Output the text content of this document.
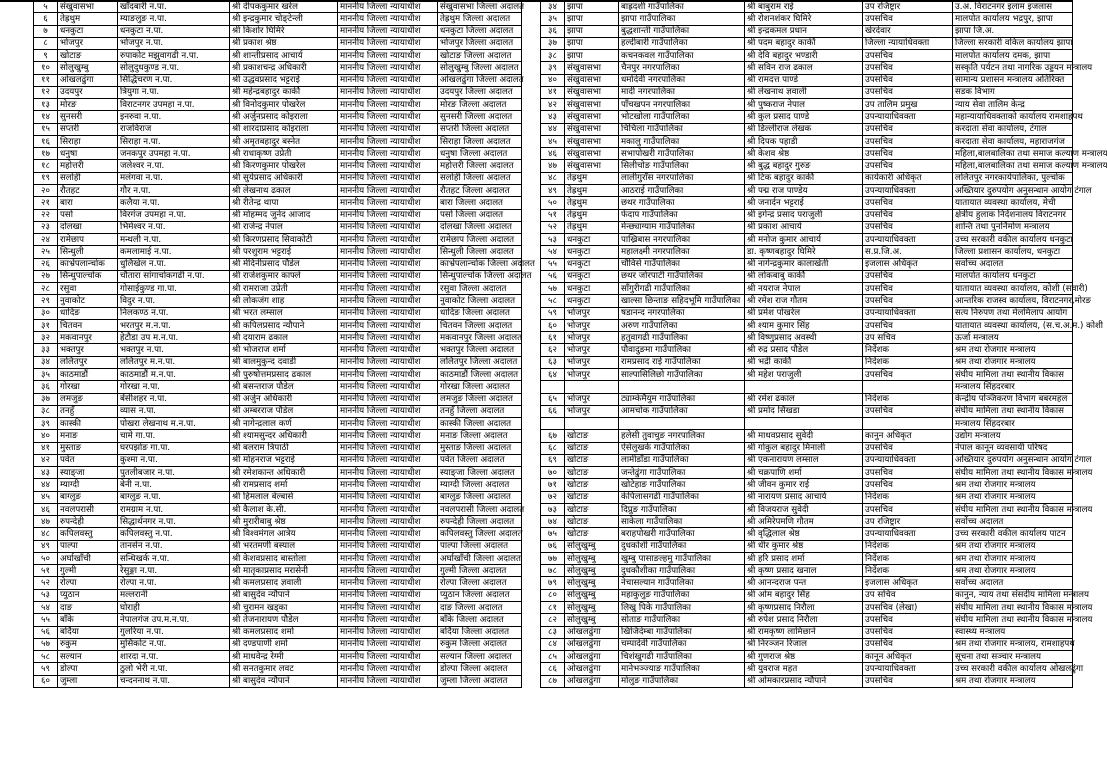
५	संखुवासभा	खाँदबारी न.पा.	श्री दीपककुमार खरेल	माननीय जिल्ला न्यायाधीश	संखुवासभा जिल्ला अदालत
६	तेह्रथुम	म्याङलुङ न.पा.	श्री इन्द्रकुमार चोङ्टेन्ली	माननीय जिल्ला न्यायाधीश	तेह्रथुम जिल्ला अदालत
७	धनकुटा	धनकुटा न.पा.	श्री किशोर घिमिरे	माननीय जिल्ला न्यायाधीश	धनकुटा जिल्ला अदालत
८	भोजपुर	भोजपुर न.पा.	श्री प्रकाश श्रेष्ठ	माननीय जिल्ला न्यायाधीश	भोजपुर जिल्ला अदालत
९	खोटाङ	रुपाकोट मझुवागढी न.पा.	श्री शान्तीप्रसाद आचार्य	माननीय जिल्ला न्यायाधीश	खोटाङ जिल्ला अदालत
१०	सोलुखुम्बु	सोलुदुधकुण्ड न.पा.	श्री प्रकाशचन्द्र अधिकारी	माननीय जिल्ला न्यायाधीश	सोलुखुम्बु जिल्ला अदालत
११	ओखलढुंगा	सिद्धिचरण न.पा.	श्री उद्धवप्रसाद भट्टराई	माननीय जिल्ला न्यायाधीश	ओखलढुंगा जिल्ला अदालत
१२	उदयपुर	त्रियुगा न.पा.	श्री महेन्द्रबहादुर कार्की	माननीय जिल्ला न्यायाधीश	उदयपुर जिल्ला अदालत
१३	मोरङ	विराटनगर उपमहा न.पा.	श्री विनोदकुमार पोखरेल	माननीय जिल्ला न्यायाधीश	मोरङ जिल्ला अदालत
१४	सुनसरी	इनरुवा न.पा.	श्री अर्जुनप्रसाद कोइराला	माननीय जिल्ला न्यायाधीश	सुनसरी जिल्ला अदालत
१५	सप्तरी	राजविराज	श्री शारदाप्रसाद कोइराला	माननीय जिल्ला न्यायाधीश	सप्तरी जिल्ला अदालत
१६	सिराहा	सिराहा न.पा.	श्री अमृतबहादुर बस्नेत	माननीय जिल्ला न्यायाधीश	सिराहा जिल्ला अदालत
१७	धनुषा	जनकपुर उपमहा न.पा.	श्री राधाकृष्ण उप्रेती	माननीय जिल्ला न्यायाधीश	धनुषा जिल्ला अदालत
१८	महोत्तरी	जलेश्वर न.पा.	श्री किरणकुमार पोखरेल	माननीय जिल्ला न्यायाधीश	महोत्तरी जिल्ला अदालत
१९	सर्लाही	मलंगवा न.पा.	श्री सुर्यप्रसाद अधिकारी	माननीय जिल्ला न्यायाधीश	सर्लाही जिल्ला अदालत
२०	रौतहट	गौर न.पा.	श्री लेखनाथ ढकाल	माननीय जिल्ला न्यायाधीश	रौतहट जिल्ला अदालत
२१	बारा	कलैया न.पा.	श्री रीतेन्द्र थापा	माननीय जिल्ला न्यायाधीश	बारा जिल्ला अदालत
२२	पर्सा	विरगंज उपमहा न.पा.	श्री मोहम्मद जुनेद आजाद	माननीय जिल्ला न्यायाधीश	पर्सा जिल्ला अदालत
२३	दोलखा	भिमेश्वर न.पा.	श्री राजेन्द्र नेपाल	माननीय जिल्ला न्यायाधीश	दोलखा जिल्ला अदालत
२४	रामेछाप	मन्थली न.पा.	श्री किरणप्रसाद सिवाकोटी	माननीय जिल्ला न्यायाधीश	रामेछाप जिल्ला अदालत
२५	सिन्धुली	कमलामाई न.पा.	श्री परशुराम भट्टराई	माननीय जिल्ला न्यायाधीश	सिन्धुली जिल्ला अदालत
२६	काभ्रेपलान्चोक	धुलिखेल न.पा.	श्री मेदिनीप्रसाद पौडेल	माननीय जिल्ला न्यायाधीश	काभ्रेपलान्चोक जिल्ला अदालत
२७	सिन्धुपाल्चोक	चौतारा सांगाचोकगढी न.पा.	श्री राजेशकुमार काफ्ले	माननीय जिल्ला न्यायाधीश	सिन्धुपाल्चोक जिल्ला अदालत
२८	रसुवा	गोसाईकुण्ड गा.पा.	श्री रामराजा उप्रेती	माननीय जिल्ला न्यायाधीश	रसुवा जिल्ला अदालत
२९	नुवाकोट	विदुर न.पा.	श्री लोकजंग शाह	माननीय जिल्ला न्यायाधीश	नुवाकोट जिल्ला अदालत
३०	धादिङ	निलकण्ठ न.पा.	श्री भरत लम्साल	माननीय जिल्ला न्यायाधीश	धादिङ जिल्ला अदालत
३१	चितवन	भरतपुर म.न.पा.	श्री कपिलप्रसाद न्यौपाने	माननीय जिल्ला न्यायाधीश	चितवन जिल्ला अदालत
३२	मकवानपुर	हेटौडा उप म.न.पा.	श्री दयाराम ढकाल	माननीय जिल्ला न्यायाधीश	मकवानपुर जिल्ला अदालत
३३	भक्तपुर	भक्तपुर न.पा.	श्री भोजराज शर्मा	माननीय जिल्ला न्यायाधीश	भक्तपुर जिल्ला अदालत
३४	ललितपुर	ललितपुर म.न.पा.	श्री बालमुकुन्द दवाडी	माननीय जिल्ला न्यायाधीश	ललितपुर जिल्ला अदालत
३५	काठमाडौं	काठमाडौं म.न.पा.	श्री पुरुषोत्तमप्रसाद ढकाल	माननीय जिल्ला न्यायाधीश	काठमाडौं जिल्ला अदालत
३६	गोरखा	गोरखा न.पा.	श्री बसन्तराज पौडेल	माननीय जिल्ला न्यायाधीश	गोरखा जिल्ला अदालत
३७	लमजुङ	बेंसीशहर न.पा.	श्री अर्जुन अधिकारी	माननीय जिल्ला न्यायाधीश	लमजुङ जिल्ला अदालत
३८	तनहुँ	व्यास न.पा.	श्री अम्बरराज पौडेल	माननीय जिल्ला न्यायाधीश	तनहुँ जिल्ला अदालत
३९	कास्की	पोखरा लेखनाथ म.न.पा.	श्री नागेन्द्रलाल कर्ण	माननीय जिल्ला न्यायाधीश	कास्की जिल्ला अदालत
४०	मनाङ	चामे गा.पा.	श्री श्यामसुन्दर अधिकारी	माननीय जिल्ला न्यायाधीश	मनाङ जिल्ला अदालत
४१	मुस्ताङ	घरपझोङ गा.पा.	श्री बलराम त्रिपाठी	माननीय जिल्ला न्यायाधीश	मुस्ताङ जिल्ला अदालत
४२	पर्वत	कुश्मा न.पा.	श्री मोहनराज भट्टराई	माननीय जिल्ला न्यायाधीश	पर्वत जिल्ला अदालत
४३	स्याङ्जा	पुतलीबजार न.पा.	श्री रमेशकान्त अधिकारी	माननीय जिल्ला न्यायाधीश	स्याङ्जा जिल्ला अदालत
४४	म्याग्दी	बेनी न.पा.	श्री रामप्रसाद शर्मा	माननीय जिल्ला न्यायाधीश	म्याग्दी जिल्ला अदालत
४५	बाग्लुङ	बाग्लुङ न.पा.	श्री हिमलाल बेल्बासे	माननीय जिल्ला न्यायाधीश	बाग्लुङ जिल्ला अदालत
४६	नवलपरासी	रामग्राम न.पा.	श्री कैलाश के.सी.	माननीय जिल्ला न्यायाधीश	नवलपरासी जिल्ला अदालत
४७	रुपन्देही	सिद्धार्थनगर न.पा.	श्री मुरारीबाबु श्रेष्ठ	माननीय जिल्ला न्यायाधीश	रुपन्देही जिल्ला अदालत
४८	कपिलवस्तु	कपिलवस्तु न.पा.	श्री विश्वमंगल आत्रेय	माननीय जिल्ला न्यायाधीश	कपिलवस्तु जिल्ला अदालत
४९	पाल्पा	तानसेन न.पा.	श्री भरतमणी बस्याल	माननीय जिल्ला न्यायाधीश	पाल्पा जिल्ला अदालत
५०	अर्घाखाँची	सन्धिखर्क न.पा.	श्री केशवप्रसाद बास्तोला	माननीय जिल्ला न्यायाधीश	अर्घाखाँची जिल्ला अदालत
५१	गुल्मी	रेसुङ्गा न.पा.	श्री मातृकाप्रसाद मरासेनी	माननीय जिल्ला न्यायाधीश	गुल्मी जिल्ला अदालत
५२	रोल्पा	रोल्पा न.पा.	श्री कमलप्रसाद ज्ञवाली	माननीय जिल्ला न्यायाधीश	रोल्पा जिल्ला अदालत
५३	प्युठान	मल्लरानी	श्री बासुदेव न्यौपाने	माननीय जिल्ला न्यायाधीश	प्युठान जिल्ला अदालत
५४	दाङ	घोराही	श्री चुरामन खड्का	माननीय जिल्ला न्यायाधीश	दाङ जिल्ला अदालत
५५	बाँके	नेपालगंज उप.म.न.पा.	श्री तेजनारायण पौडेल	माननीय जिल्ला न्यायाधीश	बाँके जिल्ला अदालत
५६	बर्दिया	गुलरिया न.पा.	श्री कमलप्रसाद शर्मा	माननीय जिल्ला न्यायाधीश	बर्दिया जिल्ला अदालत
५७	रुकुम	मुसिकोट न.पा.	श्री दण्डपाणी शर्मा	माननीय जिल्ला न्यायाधीश	रुकुम जिल्ला अदालत
५८	सल्यान	शारदा न.पा.	श्री माधवेन्द्र रेग्मी	माननीय जिल्ला न्यायाधीश	सल्यान जिल्ला अदालत
५९	डोल्पा	ठुलो भेरी न.पा.	श्री सनतकुमार लवट	माननीय जिल्ला न्यायाधीश	डोल्पा जिल्ला अदालत
६०	जुम्ला	चन्दननाथ न.पा.	श्री बासुदेव न्यौपाने	माननीय जिल्ला न्यायाधीश	जुम्ला जिल्ला अदालत
३४	झापा	बाह्रदशी गाउँपालिका	श्री बाबुराम राई	उप रजिष्ट्रार	उ.अ. विराटनगर इलाम इजलास
३५	झापा	झापा गाउँपालिका	श्री रोशनशंकर घिमिरे	उपसचिव	मालपोत कार्यालय भद्रपुर, झापा
३६	झापा	बुद्धशान्ती गाउँपालिका	श्री इन्द्रकमल प्रधान	खेरदेवार	झापा जि.अ.
३७	झापा	हल्दीबारी गाउँपालिका	श्री पदम बहादुर कार्की	जिल्ला न्यायाधिवक्ता	जिल्ला सरकारी वकिल कार्यालय झापा
३८	झापा	कचनकवल गाउँपालिका	श्री देवि बहादुर भण्डारी	उपसचिव	मालपोत कार्यालय दमक, झापा
३९	संखुवासभा	चैनपुर नगरपालिका	श्री सविन राज ढकाल	उपसचिव	सस्कृति पर्यटन तथा नागरिक उड्डयन मन्त्रालय
४०	संखुवासभा	धर्मादेवी नगरपालिका	श्री रामदत्त पाण्डे	उपसचिव	सामान्य प्रशासन मन्त्रालय अतिरिक्त
४१	संखुवासभा	मादी नगरपालिका	श्री लेखनाथ ज्ञवाली	उपसचिव	सडक विभाग
४२	संखुवासभा	पाँचखपन नगरपालिका	श्री पुष्कराज नेपाल	उप तालिम प्रमुख	न्याय सेवा तालिम केन्द्र
४३	संखुवासभा	भोटखोला गाउँपालिका	श्री कुल प्रसाद पाण्डे	उपन्यायाधिवक्ता	महान्यायाधिवक्ताको कार्यालय रामशाहपथ
४४	संखुवासभा	चिचिला गाउँपालिका	श्री डिल्लीराज लेखक	उपसचिव	करदाता सेवा कार्यालय, टंगाल
४५	संखुवासभा	मकालु गाउँपालिका	श्री दिपक पहाडी	उपसचिव	करदाता सेवा कार्यालय, महाराजगंज
४६	संखुवासभा	सभापोखरी गाउँपालिका	श्री केशव श्रेष्ठ	उपसचिव	महिला,बालबालिका तथा समाज कल्याण मन्त्रालय
४७	संखुवासभा	सिलीचोङ गाउँपालिका	श्री बुद्ध बहादुर गुरुङ	उपसचिव	महिला,बालबालिका तथा समाज कल्याण मन्त्रालय
४८	तेह्रथुम	लालीगुराँस नगरपालिका	श्री टिक बहादुर कार्की	कार्यकारी अधिकृत	ललितपुर नगरकार्यपालिका, पुल्चोक
४९	तेह्रथुम	आठराई गाउँपालिका	श्री पद्म राज पाण्डेय	उपन्यायाधिवक्ता	अख्तियार दुरुपयोग अनुसन्धान आयोग टंगाल
५०	तेह्रथुम	छथर गाउँपालिका	श्री जनार्दन भट्टराई	उपसचिव	यातायात व्यवस्था कार्यालय, मेची
५१	तेह्रथुम	फेदाप गाउँपालिका	श्री इगेन्द्र प्रसाद पराजुली	उपसचिव	क्षेत्रीय हुलाक निर्देशनालय विराटनगर
५२	तेह्रथुम	मेन्छ्याग्याम गाउँपालिका	श्री प्रकाश आचार्य	उपसचिव	शान्ति तथा पुनर्निर्माण मन्त्रालय
५३	धनकुटा	पाख्रिबास नगरपालिका	श्री मनोज कुमार आचार्य	उपन्यायाधिवक्ता	उच्च सरकारी वकील कार्यालय धनकुटा
५४	धनकुटा	महालक्ष्मी नगरपालिका	डा. कृष्णबहादुर घिमिरे	स.प्र.जि.अ.	जिल्ला प्रशासन कार्यालय, धनकुटा
५५	धनकुटा	चौविसे गाउँपालिका	श्री नागेन्द्रकुमार कालाखेती	इजलास अधिकृत	सर्वोच्च अदालत
५६	धनकुटा	छथर जोरपाटी गाउँपालिका	श्री लोकबाबु कार्की	उपसचिव	मालपोत कार्यालय धनकुटा
५७	धनकुटा	साँगुरीगढी गाउँपालिका	श्री नयराज नेपाल	उपसचिव	यातायात व्यवस्था कार्यालय, कोशी (सवारी)
५८	धनकुटा	खाल्सा छिन्ताङ सहिदभूमि गाउँपालिका	श्री रमेश राज गौतम	उपसचिव	आन्तरिक राजस्व कार्यालय, विराटनगर,मोरङ
५९	भोजपुर	षडानन्द नगरपालिका	श्री प्रमेश पोखरेल	उपन्यायाधिवक्ता	सत्य निरुपण तथा मेलमिलाप आयोग
६०	भोजपुर	अरुण गाउँपालिका	श्री श्याम कुमार सिंह	उपसचिव	यातायात व्यवस्था कार्यालय, (स.च.अ.म.) कोशी
६१	भोजपुर	हतुवागढी गाउँपालिका	श्री विष्णुप्रसाद अवस्थी	उप सचिव	ऊर्जा मन्त्रालय
६२	भोजपुर	पौवादुङमा गाउँपालिका	श्री रुद्र प्रसाद पौडेल	निर्देशक	श्रम तथा रोजगार मन्त्रालय
६३	भोजपुर	रामप्रसाद राई गाउँपालिका	श्री भद्री कार्की	निर्देशक	श्रम तथा रोजगार मन्त्रालय
६४	भोजपुर	साल्पासिलिछो गाउँपालिका	श्री महेश पराजुली	उपसचिव	संघीय मामिला तथा स्थानीय विकास
					मन्त्रालय सिंहदरबार
६५	भोजपुर	ट्याम्केमैयुम गाउँपालिका	श्री रमेश ढकाल	निर्देशक	केन्द्रीय पञ्जिकरण विभाग बबरमहल
६६	भोजपुर	आमचोक गाउँपालिका	श्री प्रमोद सिंखडा	उपसचिव	संघीय मामिला तथा स्थानीय विकास
					मन्त्रालय सिंहदरबार
६७	खोटाङ	हलेसी तुवाचुङ नगरपालिका	श्री माधवप्रसाद सुवेदी	कानुन अधिकृत	उद्योग मन्त्रालय
६८	खोटाङ	ऐसेलुखर्क गाउँपालिका	श्री गोकुल बहादुर मिनाली	उपसचिव	नेपाल कानून व्यवसायी परिषद
६९	खोटाङ	लामीडाँडा गाउँपालिका	श्री एकनारायण लम्साल	उपन्यायाधिवक्ता	अख्तियार दुरुपयोग अनुसन्धान आयोग टंगाल
७०	खोटाङ	जन्तेढुंगा गाउँपालिका	श्री चक्रपाणि शर्मा	उपसचिव	संघीय मामिला तथा स्थानीय विकास मन्त्रालय
७१	खोटाङ	खोटेहाङ गाउँपालिका	श्री जीवन कुमार राई	उपसचिव	श्रम तथा रोजगार मन्त्रालय
७२	खोटाङ	केपिलासगढी गाउँपालिका	श्री नारायण प्रसाद आचार्य	निर्देशक	श्रम तथा रोजगार मन्त्रालय
७३	खोटाङ	दिप्रुङ गाउँपालिका	श्री विजयराज सुवेदी	उपसचिव	संघीय मामिला तथा स्थानीय विकास मन्त्रालय
७४	खोटाङ	साकेला गाउँपालिका	श्री अमिरेपमणि गौतम	उप रजिष्ट्रार	सर्वोच्च अदालत
७५	खोटाङ	बराहपोखरी गाउँपालिका	श्री वृद्धिलाल श्रेष्ठ	उपन्यायाधिवक्ता	उच्च सरकारी वकील कार्यालय पाटन
७६	सोलुखुम्बु	दुधकोशी गाउँपालिका	श्री धीर कुमार श्रेष्ठ	निर्देशक	श्रम तथा रोजगार मन्त्रालय
७७	सोलुखुम्बु	खुम्बु पासाङल्हमु गाउँपालिका	श्री हरि प्रसाद शर्मा	निर्देशक	श्रम तथा रोजगार मन्त्रालय
७८	सोलुखुम्बु	दुधकौशीका गाउँपालिका	श्री कृष्ण प्रसाद खनाल	निर्देशक	श्रम तथा रोजगार मन्त्रालय
७९	सोलुखुम्बु	नेचासल्यान गाउँपालिका	श्री आनन्दराज पन्त	इजलास अधिकृत	सर्वोच्च अदालत
८०	सोलुखुम्बु	महाकुलुङ गाउँपालिका	श्री ओम बहादुर सिंह	उप सचिव	कानुन, न्याय तथा संसदीय मामिला मन्त्रालय
८१	सोलुखुम्बु	लिखु पिके गाउँपालिका	श्री कृष्णप्रसाद निरौला	उपसचिव (लेखा)	संघीय मामिला तथा स्थानीय विकास मन्त्रालय
८२	सोलुखुम्बु	सोताङ गाउँपालिका	श्री रुपेश प्रसाद निरौला	उपसचिव	संघीय मामिला तथा स्थानीय विकास मन्त्रालय
८३	ओखलढुंगा	खिजिदेम्बा गाउँपालिका	श्री रामकृष्ण लामिछाने	उपसचिव	स्वास्थ्य मन्त्रालय
८४	ओखलढुंगा	चम्पादेवी गाउँपालिका	श्री निरञ्जन रिजाल	उपसचिव	श्रम तथा रोजगार मन्त्रालय, रामशाहपथ
८५	ओखलढुंगा	चिशंखुगढी गाउँपालिका	श्री गुणराज श्रेष्ठ	कानून अधिकृत	सूचना तथा सञ्चार मन्त्रालय
८६	ओखलढुंगा	मानेभञ्ज्याङ गाउँपालिका	श्री युवराज महत	उपन्यायाधिवक्ता	उच्च सरकारी वकील कार्यालय ओखलढुंगा
८७	ओखलढुंगा	मोलुङ गाउँपालिका	श्री ओमकारप्रसाद न्यौपाने	उपसचिव	श्रम तथा रोजगार मन्त्रालय
